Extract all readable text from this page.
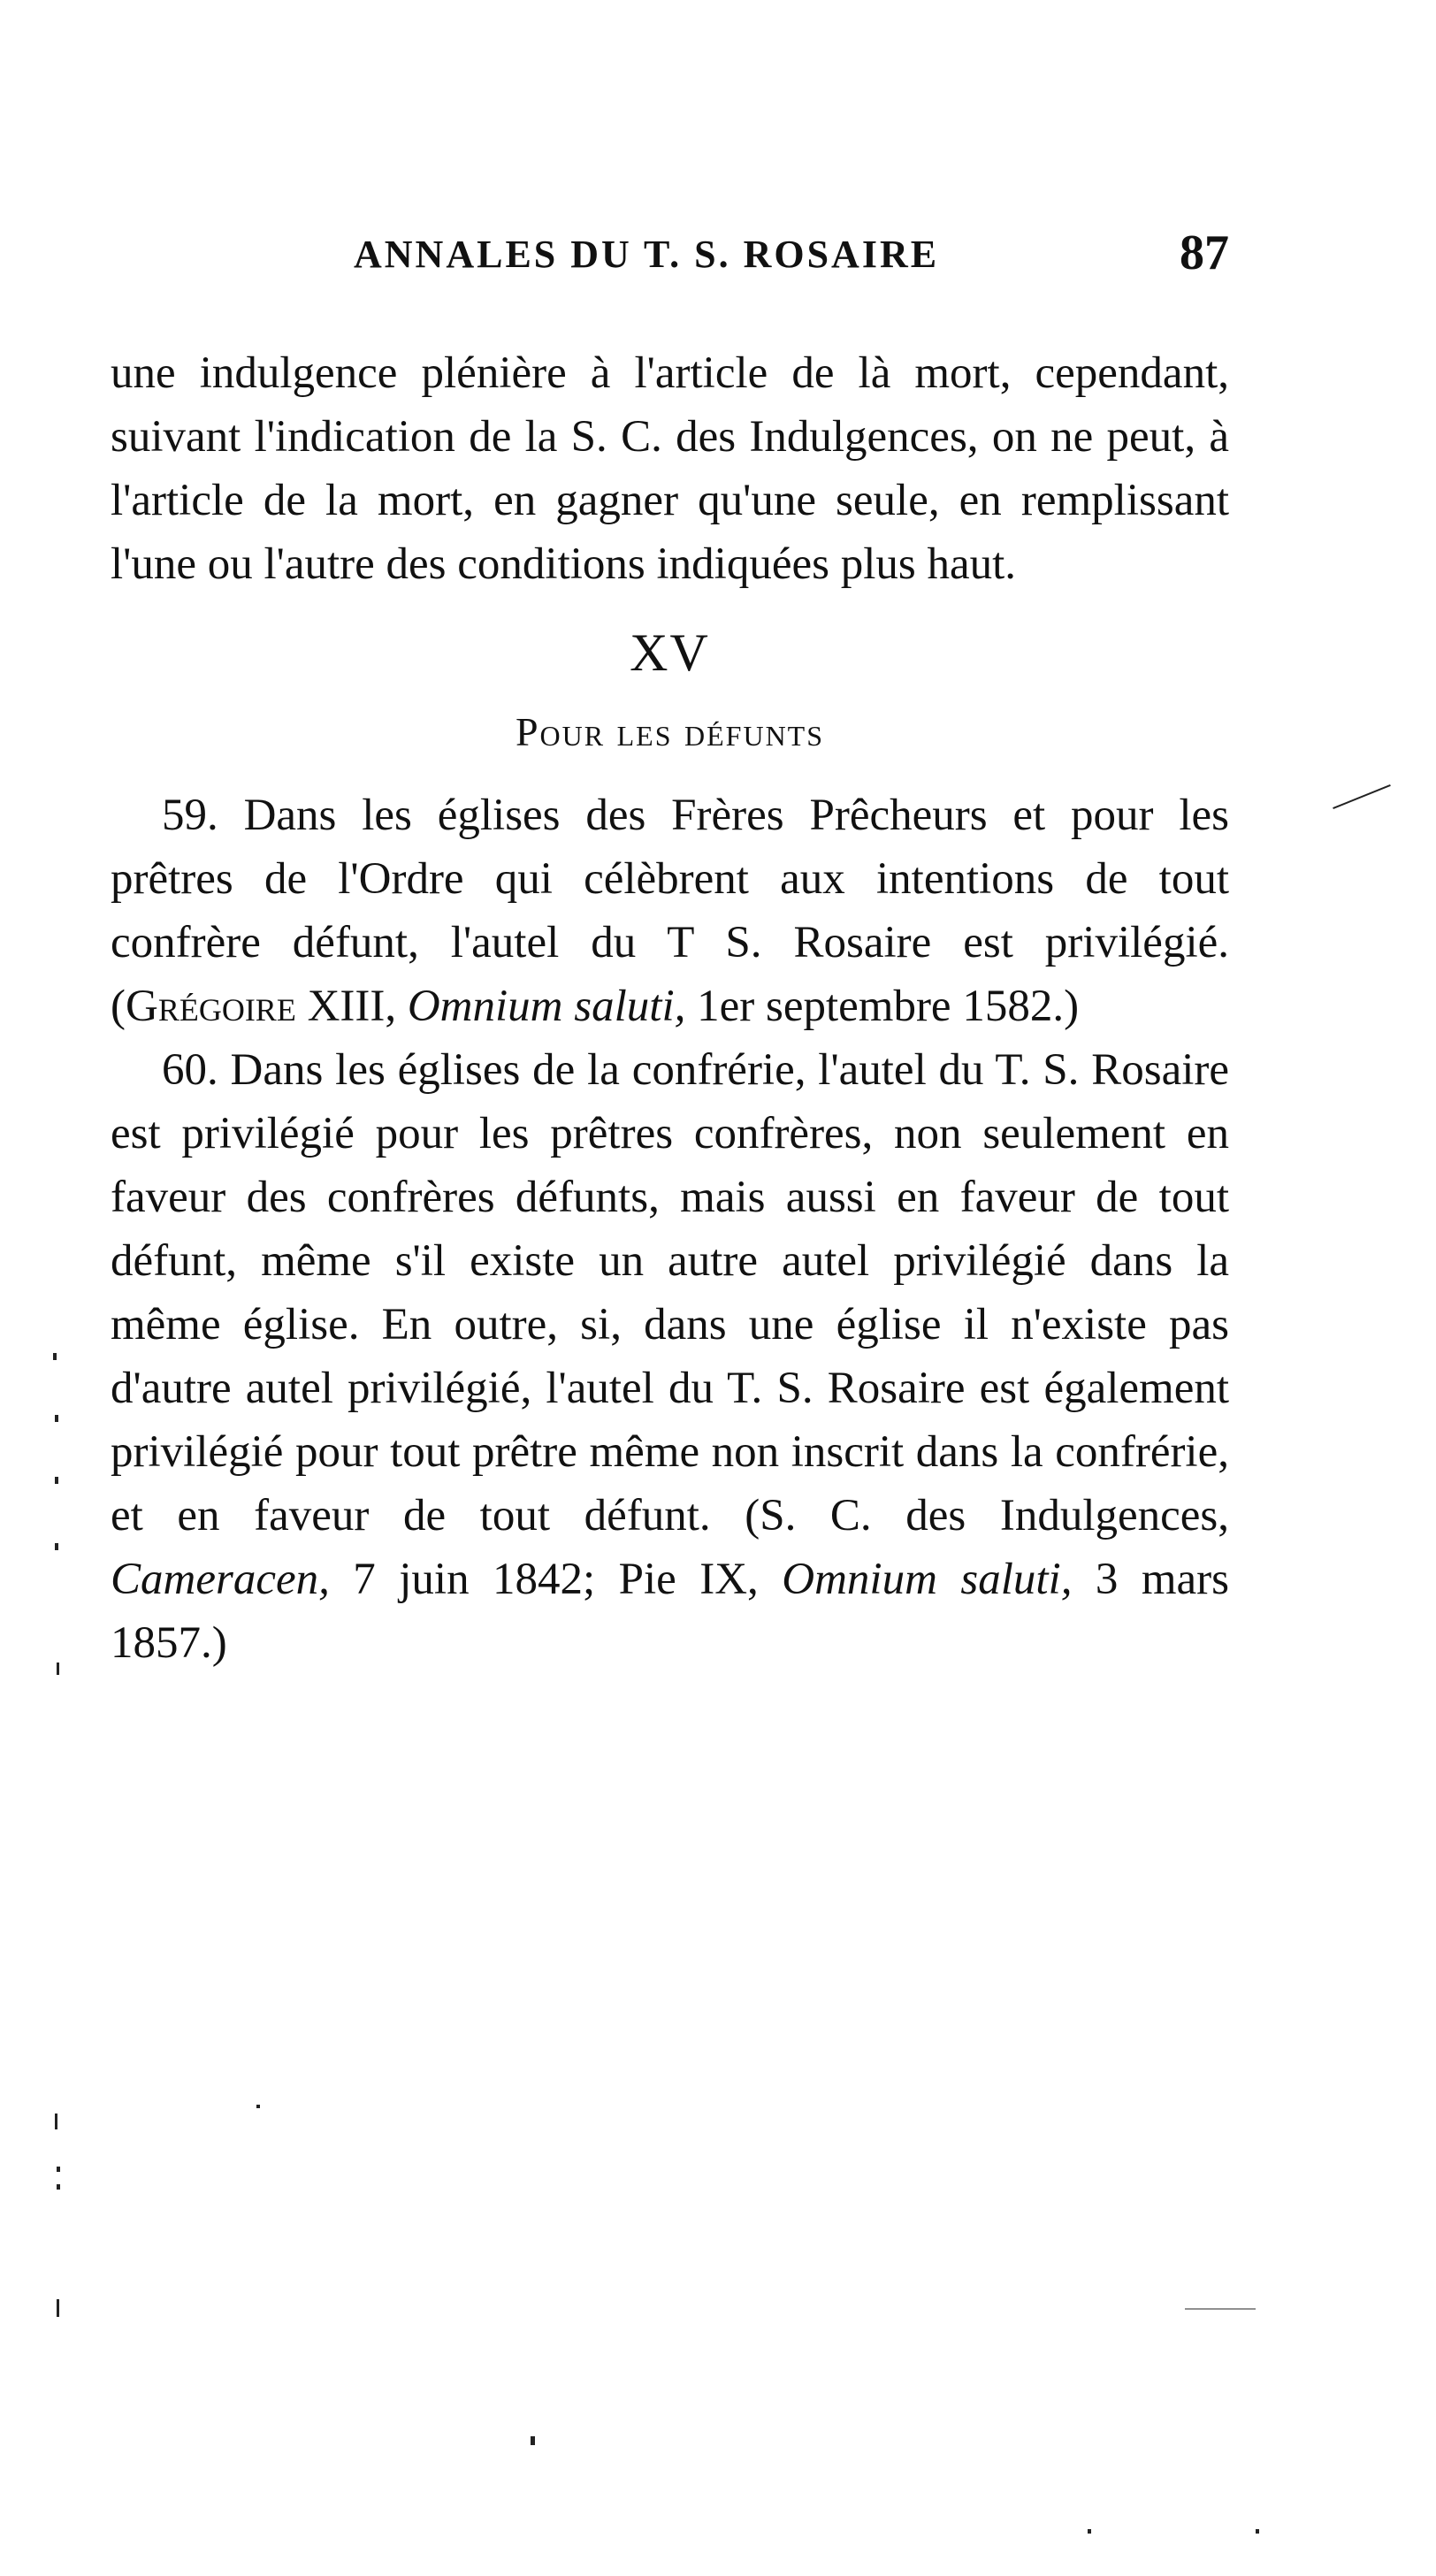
ANNALES DU T. S. ROSAIRE	87

une indulgence plénière à l'article de là mort, cependant, suivant l'indication de la S. C. des Indulgences, on ne peut, à l'article de la mort, en gagner qu'une seule, en remplissant l'une ou l'autre des conditions indiquées plus haut.

XV
Pour les défunts

59. Dans les églises des Frères Prêcheurs et pour les prêtres de l'Ordre qui célèbrent aux intentions de tout confrère défunt, l'autel du T S. Rosaire est privilégié. (Grégoire XIII, Omnium saluti, 1er septembre 1582.)

60. Dans les églises de la confrérie, l'autel du T. S. Rosaire est privilégié pour les prêtres confrères, non seulement en faveur des confrères défunts, mais aussi en faveur de tout défunt, même s'il existe un autre autel privilégié dans la même église. En outre, si, dans une église il n'existe pas d'autre autel privilégié, l'autel du T. S. Rosaire est également privilégié pour tout prêtre même non inscrit dans la confrérie, et en faveur de tout défunt. (S. C. des Indulgences, Cameracen, 7 juin 1842; Pie IX, Omnium saluti, 3 mars 1857.)
